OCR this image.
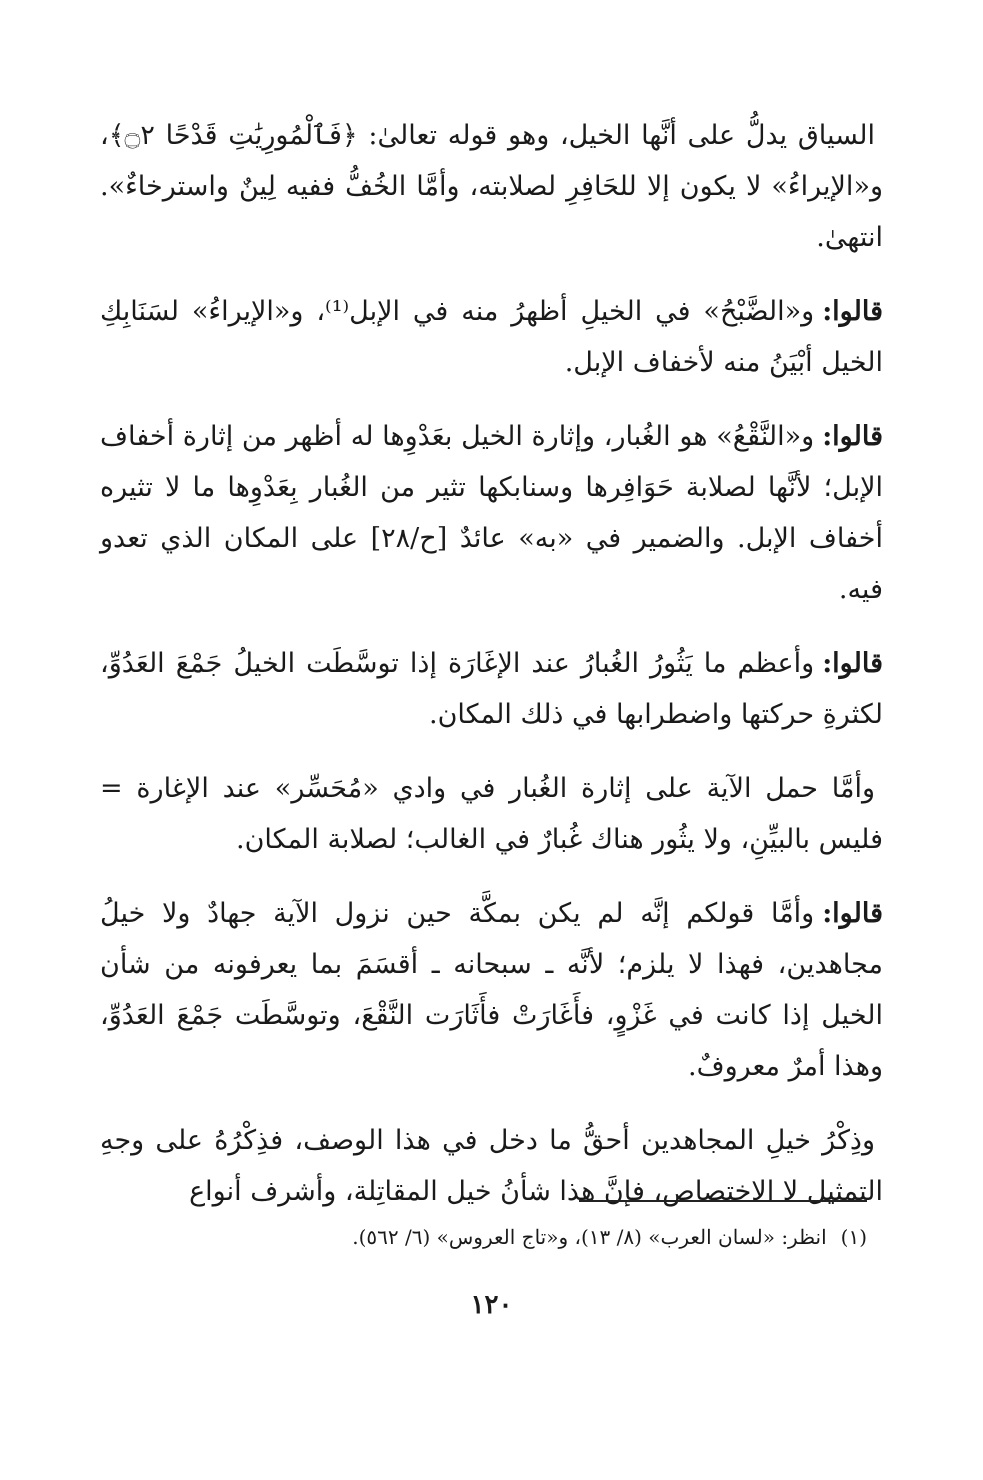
السياق يدلُّ على أنَّها الخيل، وهو قوله تعالىٰ: ﴿فَٱلْمُورِيَٰتِ قَدْحًا ۝٢﴾، و«الإيراءُ» لا يكون إلا للحَافِرِ لصلابته، وأمَّا الخُفُّ ففيه لِينٌ واسترخاءٌ». انتهىٰ.

قالوا:و«الضَّبْحُ» في الخيلِ أظهرُ منه في الإبل⁽¹⁾، و«الإيراءُ» لسَنَابِكِ الخيل أبْيَنُ منه لأخفاف الإبل.

قالوا:و«النَّقْعُ» هو الغُبار، وإثارة الخيل بعَدْوِها له أظهر من إثارة أخفاف الإبل؛ لأنَّها لصلابة حَوَافِرها وسنابكها تثير من الغُبار بِعَدْوِها ما لا تثيره أخفاف الإبل. والضمير في «به» عائدٌ [ح/٢٨] على المكان الذي تعدو فيه.

قالوا:وأعظم ما يَثُورُ الغُبارُ عند الإغَارَة إذا توسَّطَت الخيلُ جَمْعَ العَدُوِّ، لكثرةِ حركتها واضطرابها في ذلك المكان.

وأمَّا حمل الآية على إثارة الغُبار في وادي «مُحَسِّر» عند الإغارة = فليس بالبيِّنِ، ولا يثُور هناك غُبارٌ في الغالب؛ لصلابة المكان.

قالوا:وأمَّا قولكم إنَّه لم يكن بمكَّة حين نزول الآية جهادٌ ولا خيلُ مجاهدين، فهذا لا يلزم؛ لأنَّه ـ سبحانه ـ أقسَمَ بما يعرفونه من شأن الخيل إذا كانت في غَزْوٍ، فأَغَارَتْ فأَثَارَت النَّقْعَ، وتوسَّطَت جَمْعَ العَدُوِّ، وهذا أمرٌ معروفٌ.

وذِكْرُ خيلِ المجاهدين أحقُّ ما دخل في هذا الوصف، فذِكْرُهُ على وجهِ التمثيل لا الاختصاص، فإنَّ هذا شأنُ خيل المقاتِلة، وأشرف أنواع

(١)انظر: «لسان العرب» (٨/ ١٣)، و«تاج العروس» (٦/ ٥٦٢).
١٢٠
